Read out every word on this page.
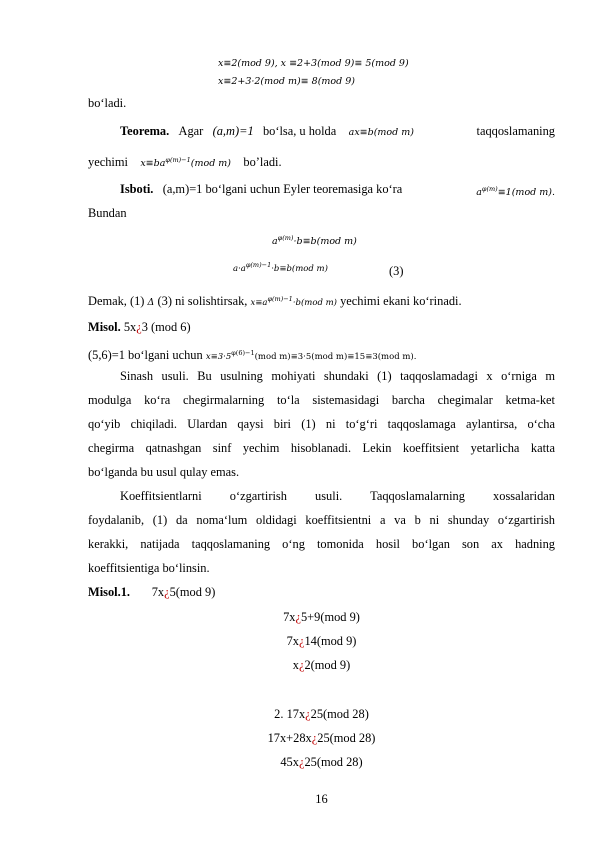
x≡2(mod 9), x ≡2+3(mod 9)≡ 5(mod 9)
x≡2+3·2(mod m)≡ 8(mod 9)
bo‘ladi.
Teorema. Agar (a,m)=1 bo‘lsa, u holda ax≡b(mod m)	taqqoslamaning
yechimi $x\equiv ba^{\varphi(m)-1}(mod$ m) bo’ladi.
Isboti. (a,m)=1 bo‘lgani uchun Eyler teoremasiga ko‘ra	$a^{\varphi(m)}\equiv 1(mod$ m).
Bundan
$a^{\varphi(m)}\cdot b\equiv b(mod$ m)
$a\cdot a^{\varphi(m)-1}\cdot b\equiv b(mod$ m)	(3)
Demak, (1) Δ (3) ni solishtirsak, $x\equiv a^{\varphi(m)-1}\cdot b(mod$ m) yechimi ekani ko‘rinadi.
Misol. 5x¿3 (mod 6)
(5,6)=1 bo‘lgani uchun $x\equiv 3\cdot 5^{\varphi(6)-1}(mod$ m)≡3·5(mod m)≡15≡3(mod m).
Sinash usuli. Bu usulning mohiyati shundaki (1) taqqoslamadagi x o‘rniga m
modulga ko‘ra chegirmalarning to‘la sistemasidagi barcha chegimalar ketma-ket
qo‘yib chiqiladi. Ulardan qaysi biri (1) ni to‘g‘ri taqqoslamaga aylantirsa, o‘cha
chegirma qatnashgan sinf yechim hisoblanadi. Lekin koeffitsient yetarlicha katta
bo‘lganda bu usul qulay emas.
Koeffitsientlarni o‘zgartirish usuli. Taqqoslamalarning xossalaridan
foydalanib, (1) da noma‘lum oldidagi koeffitsientni a va b ni shunday o‘zgartirish
kerakki, natijada taqqoslamaning o‘ng tomonida hosil bo‘lgan son ax hadning
koeffitsientiga bo‘linsin.
Misol.1. 7x¿5(mod 9)
7x¿5+9(mod 9)
7x¿14(mod 9)
x¿2(mod 9)
2. 17x¿25(mod 28)
17x+28x¿25(mod 28)
45x¿25(mod 28)
16
